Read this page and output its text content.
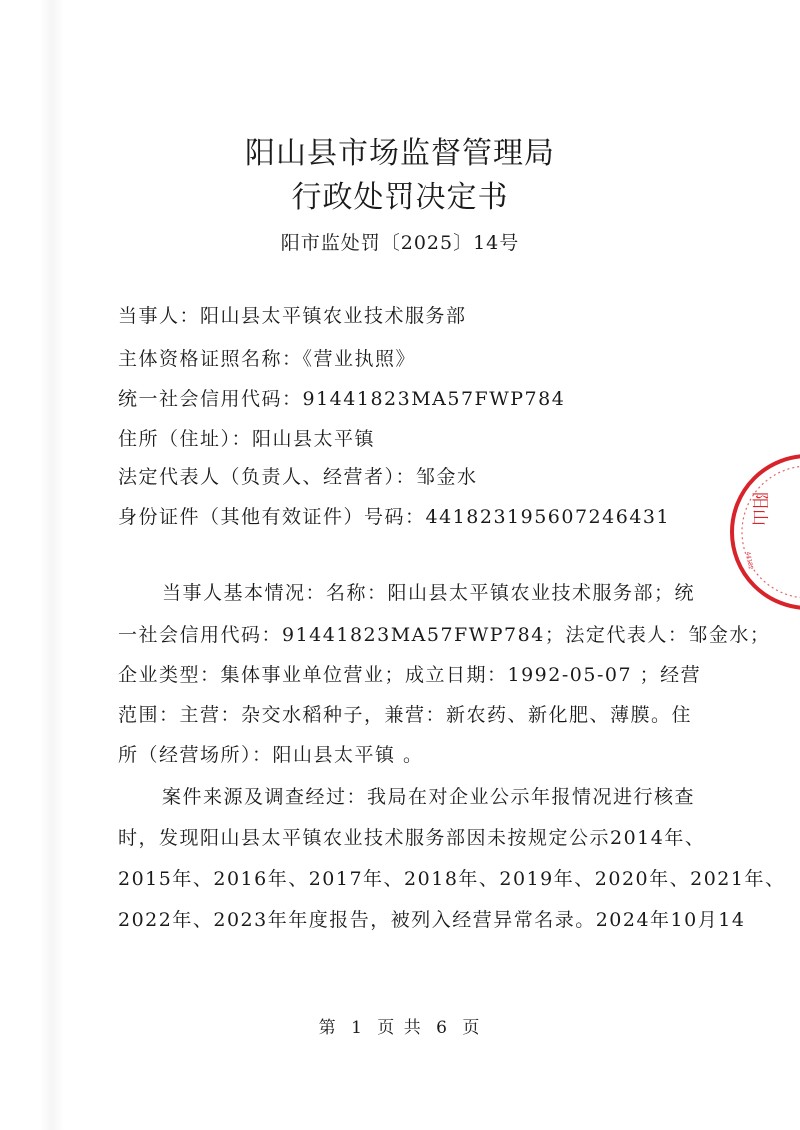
阳山县市场监督管理局
行政处罚决定书
阳市监处罚〔2025〕14号
当事人：阳山县太平镇农业技术服务部
主体资格证照名称：《营业执照》
统一社会信用代码：91441823MA57FWP784
住所（住址）：阳山县太平镇
法定代表人（负责人、经营者）：邹金水
身份证件（其他有效证件）号码：441823195607246431
当事人基本情况：名称：阳山县太平镇农业技术服务部；统
一社会信用代码：91441823MA57FWP784；法定代表人：邹金水；
企业类型：集体事业单位营业；成立日期：1992-05-07 ；经营
范围：主营：杂交水稻种子，兼营：新农药、新化肥、薄膜。住
所（经营场所）：阳山县太平镇 。
案件来源及调查经过：我局在对企业公示年报情况进行核查
时，发现阳山县太平镇农业技术服务部因未按规定公示2014年、
2015年、2016年、2017年、2018年、2019年、2020年、2021年、
2022年、2023年年度报告，被列入经营异常名录。2024年10月14
第 1 页 共 6 页
阳山
44182
